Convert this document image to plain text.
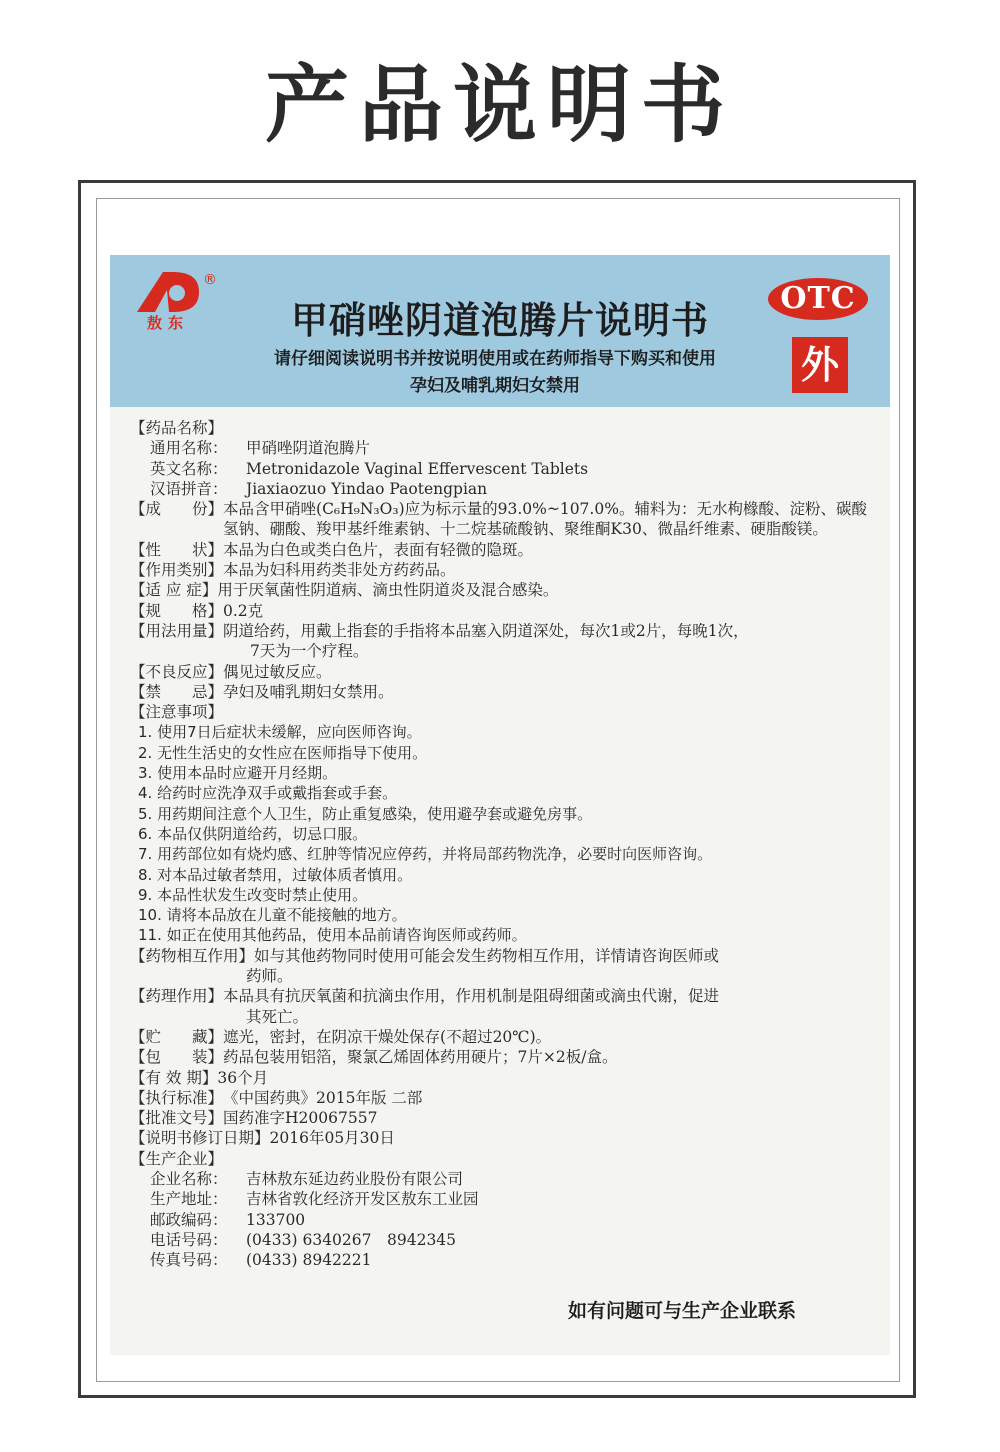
产品说明书
敖东
®
甲硝唑阴道泡腾片说明书
OTC
请仔细阅读说明书并按说明使用或在药师指导下购买和使用
孕妇及哺乳期妇女禁用	外
【药品名称】
通用名称：	甲硝唑阴道泡腾片
英文名称：	Metronidazole Vaginal Effervescent Tablets
汉语拼音：	Jiaxiaozuo Yindao Paotengpian
【成　　份】 本品含甲硝唑(C₆H₉N₃O₃)应为标示量的93.0%~107.0%。辅料为：无水枸橼酸、淀粉、碳酸氢钠、硼酸、羧甲基纤维素钠、十二烷基硫酸钠、聚维酮K30、微晶纤维素、硬脂酸镁。
【性　　状】 本品为白色或类白色片，表面有轻微的隐斑。
【作用类别】 本品为妇科用药类非处方药药品。
【适 应 症】 用于厌氧菌性阴道病、滴虫性阴道炎及混合感染。
【规　　格】 0.2克
【用法用量】 阴道给药，用戴上指套的手指将本品塞入阴道深处，每次1或2片，每晚1次，
7天为一个疗程。
【不良反应】 偶见过敏反应。
【禁　　忌】 孕妇及哺乳期妇女禁用。
【注意事项】
1. 使用7日后症状未缓解，应向医师咨询。
2. 无性生活史的女性应在医师指导下使用。
3. 使用本品时应避开月经期。
4. 给药时应洗净双手或戴指套或手套。
5. 用药期间注意个人卫生，防止重复感染，使用避孕套或避免房事。
6. 本品仅供阴道给药，切忌口服。
7. 用药部位如有烧灼感、红肿等情况应停药，并将局部药物洗净，必要时向医师咨询。
8. 对本品过敏者禁用，过敏体质者慎用。
9. 本品性状发生改变时禁止使用。
10. 请将本品放在儿童不能接触的地方。
11. 如正在使用其他药品，使用本品前请咨询医师或药师。
【药物相互作用】 如与其他药物同时使用可能会发生药物相互作用，详情请咨询医师或
药师。
【药理作用】 本品具有抗厌氧菌和抗滴虫作用，作用机制是阻碍细菌或滴虫代谢，促进
其死亡。
【贮　　藏】 遮光，密封，在阴凉干燥处保存(不超过20℃)。
【包　　装】 药品包装用铝箔，聚氯乙烯固体药用硬片；7片×2板/盒。
【有 效 期】 36个月
【执行标准】 《中国药典》2015年版 二部
【批准文号】 国药准字H20067557
【说明书修订日期】 2016年05月30日
【生产企业】
企业名称：	吉林敖东延边药业股份有限公司
生产地址：	吉林省敦化经济开发区敖东工业园
邮政编码：	133700
电话号码：	(0433) 6340267　8942345
传真号码：	(0433) 8942221
如有问题可与生产企业联系
